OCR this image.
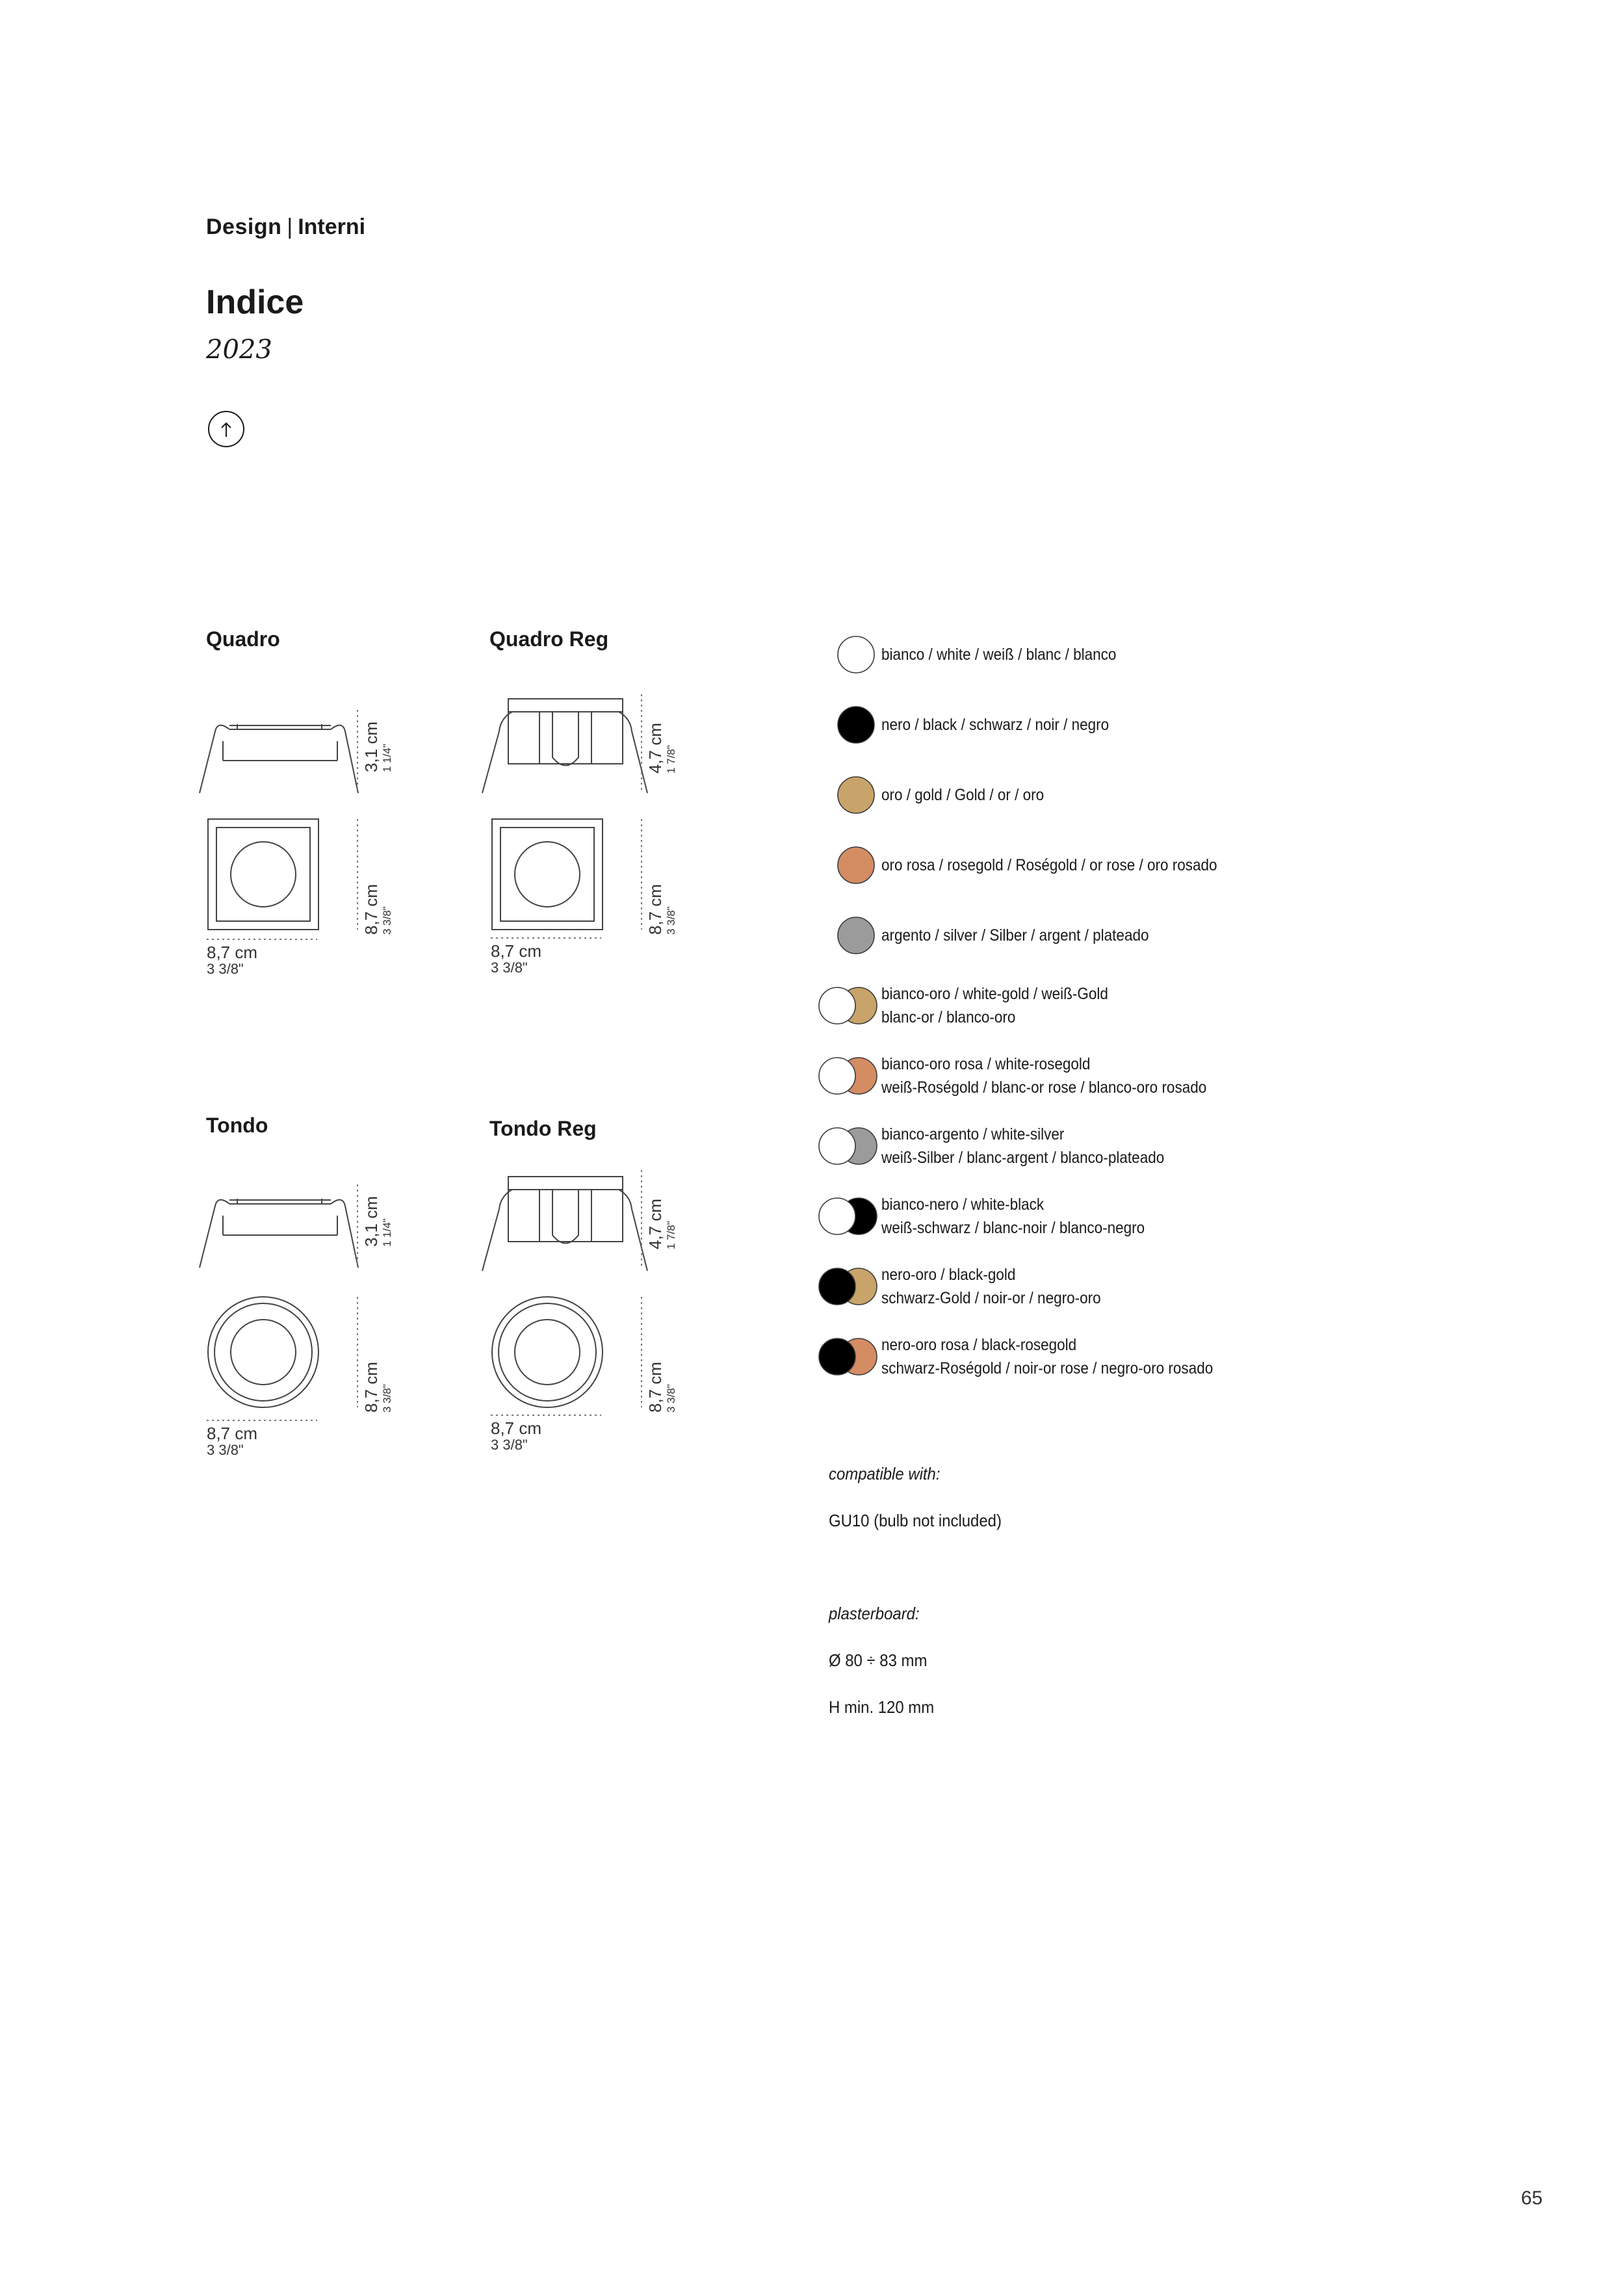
Design | Interni
Indice
2023
Quadro
3,1 cm 1 1/4"
8,7 cm 3 3/8"
8,7 cm
3 3/8"
Quadro Reg
4,7 cm 1 7/8"
8,7 cm 3 3/8"
8,7 cm
3 3/8"
Tondo
3,1 cm 1 1/4"
8,7 cm 3 3/8"
8,7 cm
3 3/8"
Tondo Reg
4,7 cm 1 7/8"
8,7 cm 3 3/8"
8,7 cm
3 3/8"
bianco / white / weiß / blanc / blanco
nero / black / schwarz / noir / negro
oro / gold / Gold / or / oro
oro rosa / rosegold / Roségold / or rose / oro rosado
argento / silver / Silber / argent / plateado
bianco-oro / white-gold / weiß-Gold
blanc-or / blanco-oro
bianco-oro rosa / white-rosegold
weiß-Roségold / blanc-or rose / blanco-oro rosado
bianco-argento / white-silver
weiß-Silber / blanc-argent / blanco-plateado
bianco-nero / white-black
weiß-schwarz / blanc-noir / blanco-negro
nero-oro / black-gold
schwarz-Gold / noir-or / negro-oro
nero-oro rosa / black-rosegold
schwarz-Roségold / noir-or rose / negro-oro rosado
compatible with:
GU10 (bulb not included)
plasterboard:
Ø 80 ÷ 83 mm
H min. 120 mm
65
